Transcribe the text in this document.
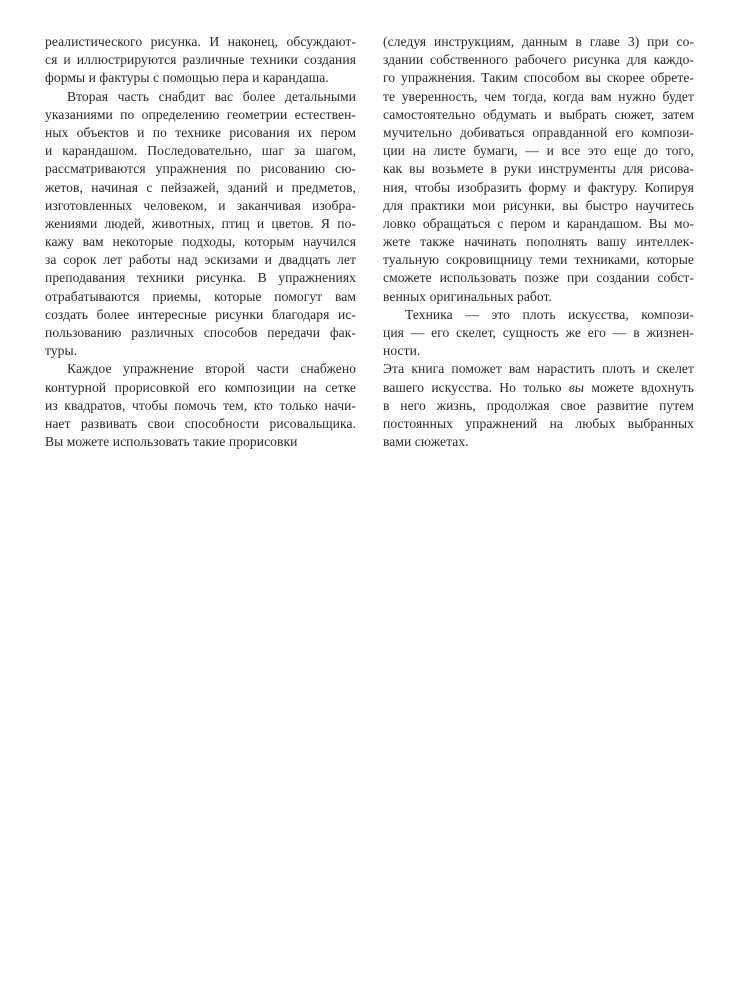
реалистического рисунка. И наконец, обсуждают-
ся и иллюстрируются различные техники создания
формы и фактуры с помощью пера и карандаша.
Вторая часть снабдит вас более детальными
указаниями по определению геометрии естествен-
ных объектов и по технике рисования их пером
и карандашом. Последовательно, шаг за шагом,
рассматриваются упражнения по рисованию сю-
жетов, начиная с пейзажей, зданий и предметов,
изготовленных человеком, и заканчивая изобра-
жениями людей, животных, птиц и цветов. Я по-
кажу вам некоторые подходы, которым научился
за сорок лет работы над эскизами и двадцать лет
преподавания техники рисунка. В упражнениях
отрабатываются приемы, которые помогут вам
создать более интересные рисунки благодаря ис-
пользованию различных способов передачи фак-
туры.
Каждое упражнение второй части снабжено
контурной прорисовкой его композиции на сетке
из квадратов, чтобы помочь тем, кто только начи-
нает развивать свои способности рисовальщика.
Вы можете использовать такие прорисовки
(следуя инструкциям, данным в главе 3) при со-
здании собственного рабочего рисунка для каждо-
го упражнения. Таким способом вы скорее обрете-
те уверенность, чем тогда, когда вам нужно будет
самостоятельно обдумать и выбрать сюжет, затем
мучительно добиваться оправданной его компози-
ции на листе бумаги, — и все это еще до того,
как вы возьмете в руки инструменты для рисова-
ния, чтобы изобразить форму и фактуру. Копируя
для практики мои рисунки, вы быстро научитесь
ловко обращаться с пером и карандашом. Вы мо-
жете также начинать пополнять вашу интеллек-
туальную сокровищницу теми техниками, которые
сможете использовать позже при создании собст-
венных оригинальных работ.
Техника — это плоть искусства, компози-
ция — его скелет, сущность же его — в жизнен-
ности.
Эта книга поможет вам нарастить плоть и скелет
вашего искусства. Но только вы можете вдохнуть
в него жизнь, продолжая свое развитие путем
постоянных упражнений на любых выбранных
вами сюжетах.
